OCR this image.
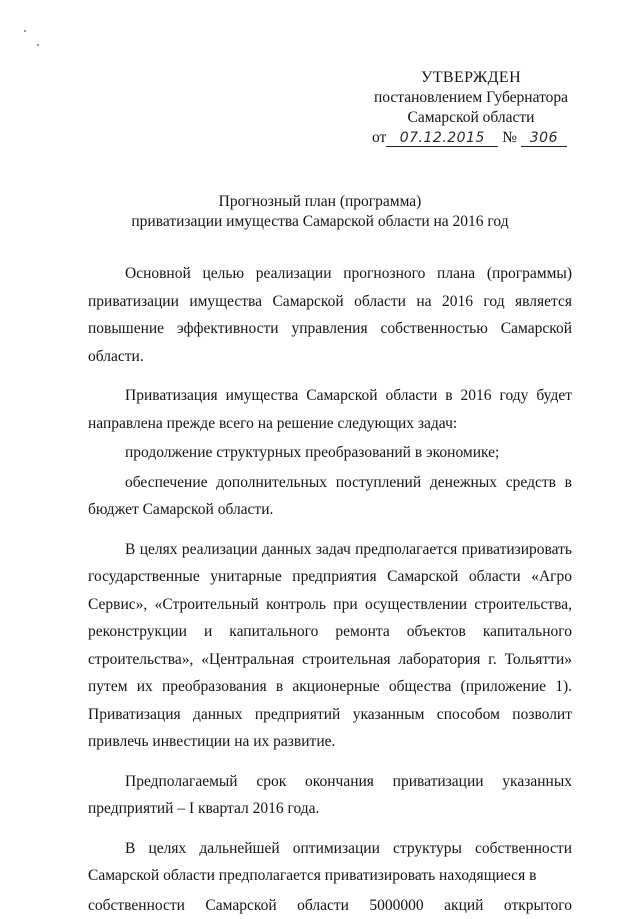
УТВЕРЖДЕН
постановлением Губернатора
Самарской области
от 07.12.2015 № 306
Прогнозный план (программа)
приватизации имущества Самарской области на 2016 год

Основной целью реализации прогнозного плана (программы) приватизации имущества Самарской области на 2016 год является повышение эффективности управления собственностью Самарской области.

Приватизация имущества Самарской области в 2016 году будет направлена прежде всего на решение следующих задач:

продолжение структурных преобразований в экономике;

обеспечение дополнительных поступлений денежных средств в бюджет Самарской области.

В целях реализации данных задач предполагается приватизировать государственные унитарные предприятия Самарской области «Агро Сервис», «Строительный контроль при осуществлении строительства, реконструкции и капитального ремонта объектов капитального строительства», «Центральная строительная лаборатория г. Тольятти» путем их преобразования в акционерные общества (приложение 1). Приватизация данных предприятий указанным способом позволит привлечь инвестиции на их развитие.

Предполагаемый срок окончания приватизации указанных предприятий – I квартал 2016 года.

В целях дальнейшей оптимизации структуры собственности Самарской области предполагается приватизировать находящиеся в

собственности Самарской области 5000000 акций открытого
